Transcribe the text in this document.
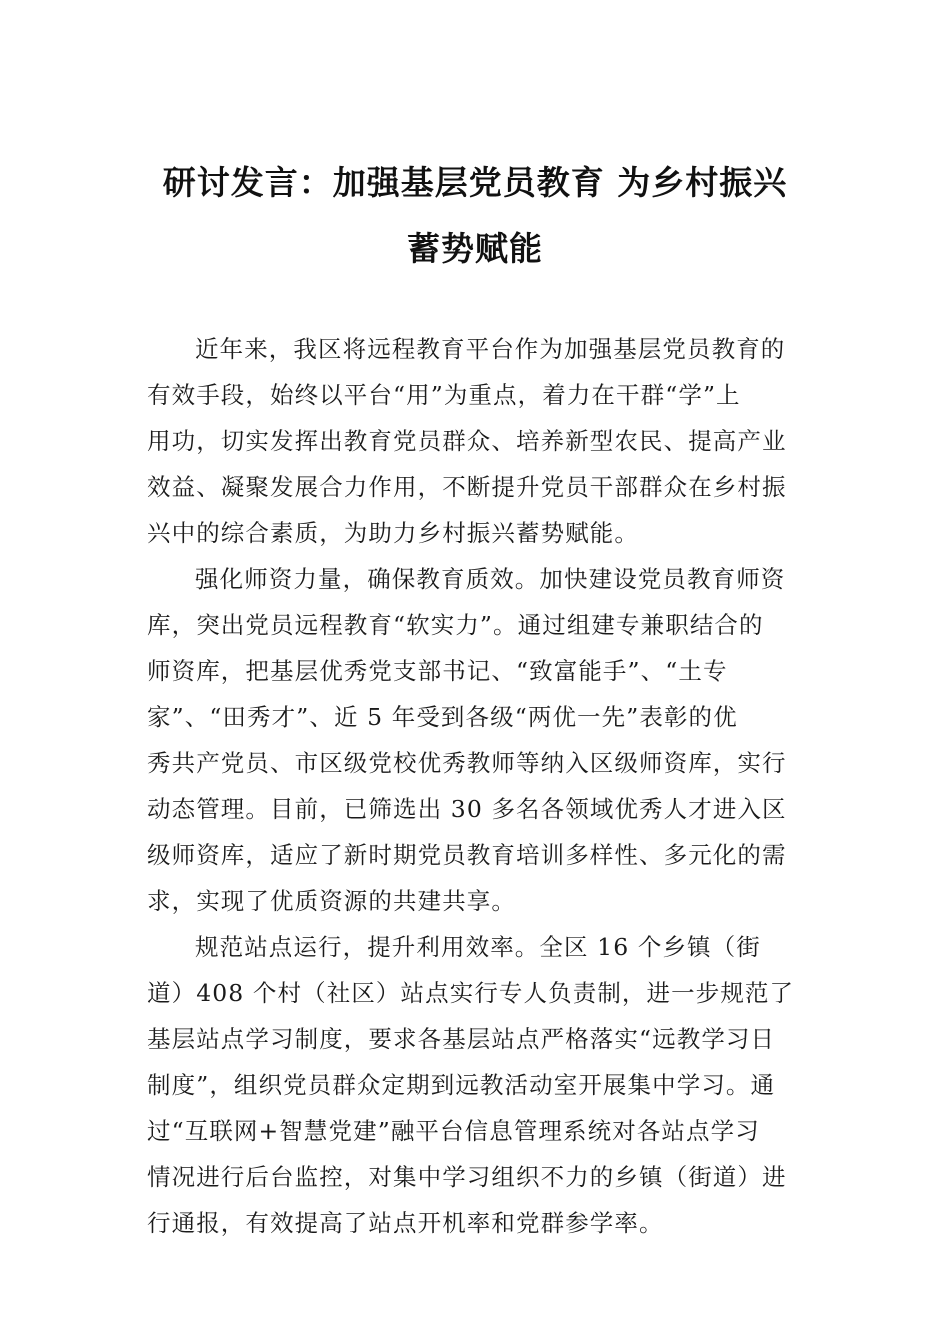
研讨发言：加强基层党员教育 为乡村振兴
蓄势赋能
近年来，我区将远程教育平台作为加强基层党员教育的
有效手段，始终以平台“用”为重点，着力在干群“学”上
用功，切实发挥出教育党员群众、培养新型农民、提高产业
效益、凝聚发展合力作用，不断提升党员干部群众在乡村振
兴中的综合素质，为助力乡村振兴蓄势赋能。
强化师资力量，确保教育质效。加快建设党员教育师资
库，突出党员远程教育“软实力”。通过组建专兼职结合的
师资库，把基层优秀党支部书记、“致富能手”、“土专
家”、“田秀才”、近 5 年受到各级“两优一先”表彰的优
秀共产党员、市区级党校优秀教师等纳入区级师资库，实行
动态管理。目前，已筛选出 30 多名各领域优秀人才进入区
级师资库，适应了新时期党员教育培训多样性、多元化的需
求，实现了优质资源的共建共享。
规范站点运行，提升利用效率。全区 16 个乡镇（街
道）408 个村（社区）站点实行专人负责制，进一步规范了
基层站点学习制度，要求各基层站点严格落实“远教学习日
制度”，组织党员群众定期到远教活动室开展集中学习。通
过“互联网+智慧党建”融平台信息管理系统对各站点学习
情况进行后台监控，对集中学习组织不力的乡镇（街道）进
行通报，有效提高了站点开机率和党群参学率。
